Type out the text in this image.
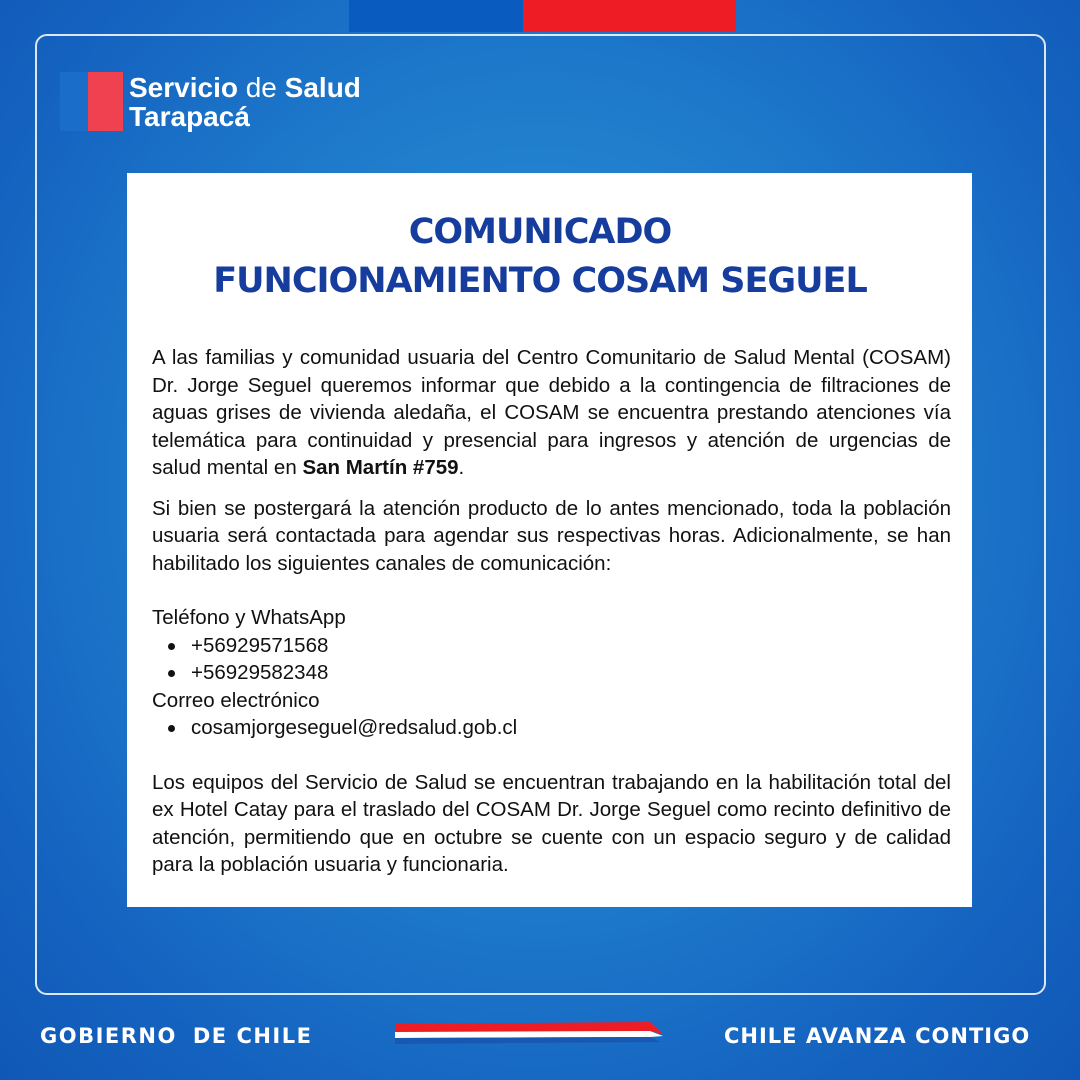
Servicio de Salud
Tarapacá
COMUNICADO
FUNCIONAMIENTO COSAM SEGUEL

A las familias y comunidad usuaria del Centro Comunitario de Salud Mental (COSAM) Dr. Jorge Seguel queremos informar que debido a la contingencia de filtraciones de aguas grises de vivienda aledaña, el COSAM se encuentra prestando atenciones vía telemática para continuidad y presencial para ingresos y atención de urgencias de salud mental en San Martín #759.

Si bien se postergará la atención producto de lo antes mencionado, toda la población usuaria será contactada para agendar sus respectivas horas. Adicionalmente, se han habilitado los siguientes canales de comunicación:

Teléfono y WhatsApp
+56929571568
+56929582348
Correo electrónico
cosamjorgeseguel@redsalud.gob.cl

Los equipos del Servicio de Salud se encuentran trabajando en la habilitación total del ex Hotel Catay para el traslado del COSAM Dr. Jorge Seguel como recinto definitivo de atención, permitiendo que en octubre se cuente con un espacio seguro y de calidad para la población usuaria y funcionaria.

GOBIERNO DE CHILE	CHILE AVANZA CONTIGO
